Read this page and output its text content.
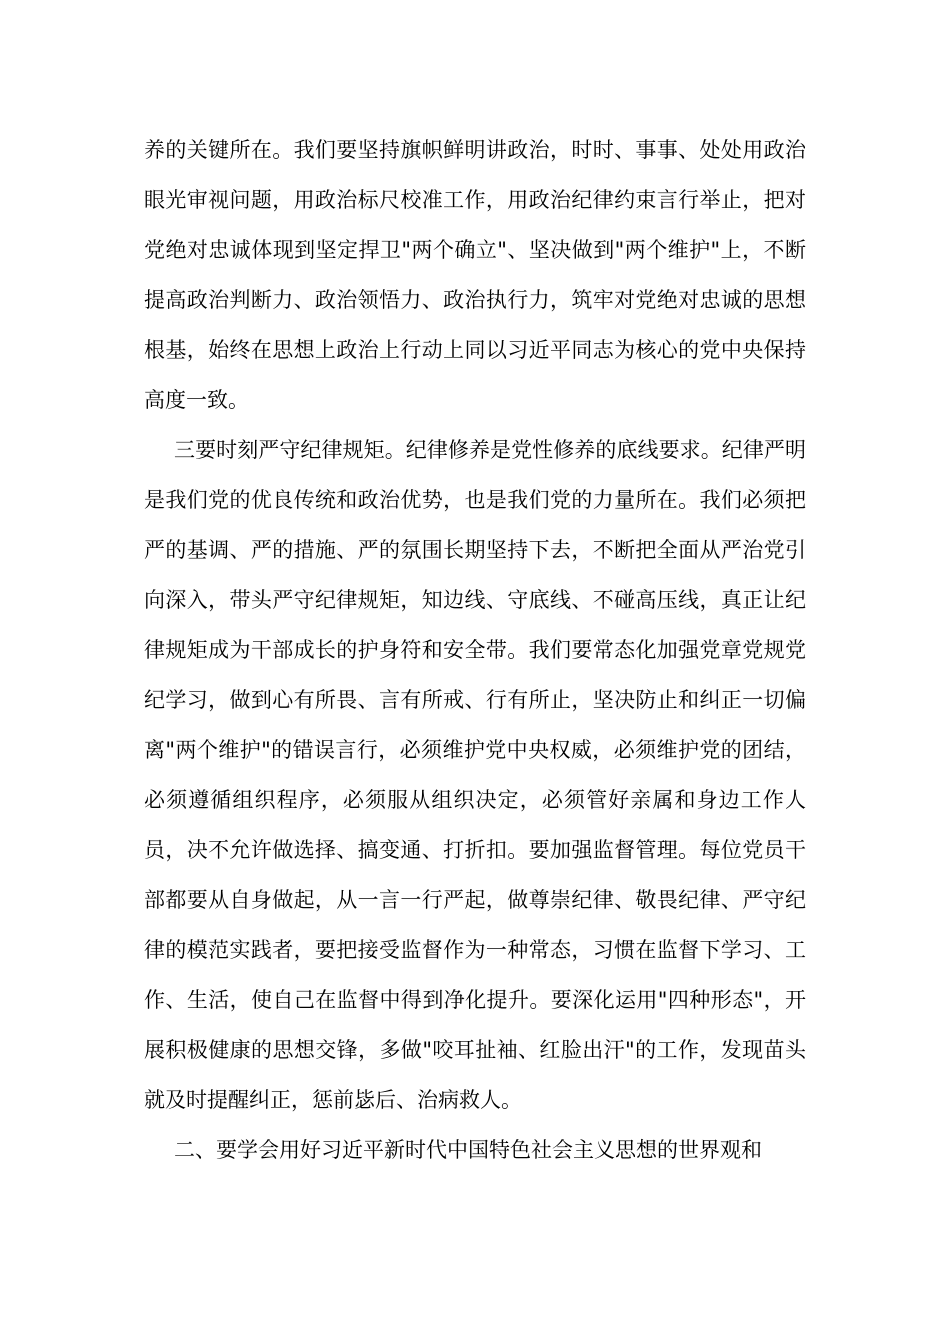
养的关键所在。我们要坚持旗帜鲜明讲政治，时时、事事、处处用政治眼光审视问题，用政治标尺校准工作，用政治纪律约束言行举止，把对党绝对忠诚体现到坚定捍卫"两个确立"、坚决做到"两个维护"上，不断提高政治判断力、政治领悟力、政治执行力，筑牢对党绝对忠诚的思想根基，始终在思想上政治上行动上同以习近平同志为核心的党中央保持高度一致。

三要时刻严守纪律规矩。纪律修养是党性修养的底线要求。纪律严明是我们党的优良传统和政治优势，也是我们党的力量所在。我们必须把严的基调、严的措施、严的氛围长期坚持下去，不断把全面从严治党引向深入，带头严守纪律规矩，知边线、守底线、不碰高压线，真正让纪律规矩成为干部成长的护身符和安全带。我们要常态化加强党章党规党纪学习，做到心有所畏、言有所戒、行有所止，坚决防止和纠正一切偏离"两个维护"的错误言行，必须维护党中央权威，必须维护党的团结，必须遵循组织程序，必须服从组织决定，必须管好亲属和身边工作人员，决不允许做选择、搞变通、打折扣。要加强监督管理。每位党员干部都要从自身做起，从一言一行严起，做尊崇纪律、敬畏纪律、严守纪律的模范实践者，要把接受监督作为一种常态，习惯在监督下学习、工作、生活，使自己在监督中得到净化提升。要深化运用"四种形态"，开展积极健康的思想交锋，多做"咬耳扯袖、红脸出汗"的工作，发现苗头就及时提醒纠正，惩前毖后、治病救人。

二、要学会用好习近平新时代中国特色社会主义思想的世界观和
